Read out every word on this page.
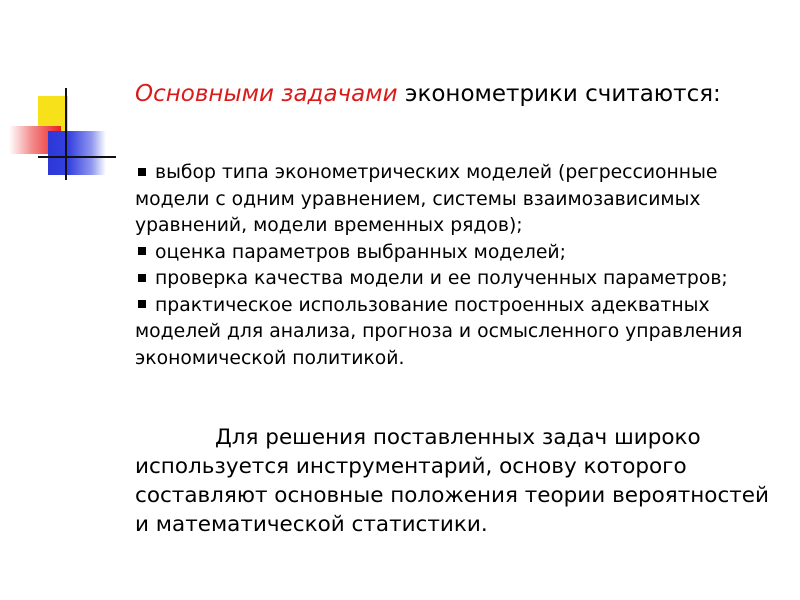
Основными задачами эконометрики считаются:

выбор типа эконометрических моделей (регрессионные модели с одним уравнением, системы взаимозависимых уравнений, модели временных рядов);

оценка параметров выбранных моделей;

проверка качества модели и ее полученных параметров;

практическое использование построенных адекватных моделей для анализа, прогноза и осмысленного управления экономической политикой.

Для решения поставленных задач широко используется инструментарий, основу которого составляют основные положения теории вероятностей и математической статистики.
